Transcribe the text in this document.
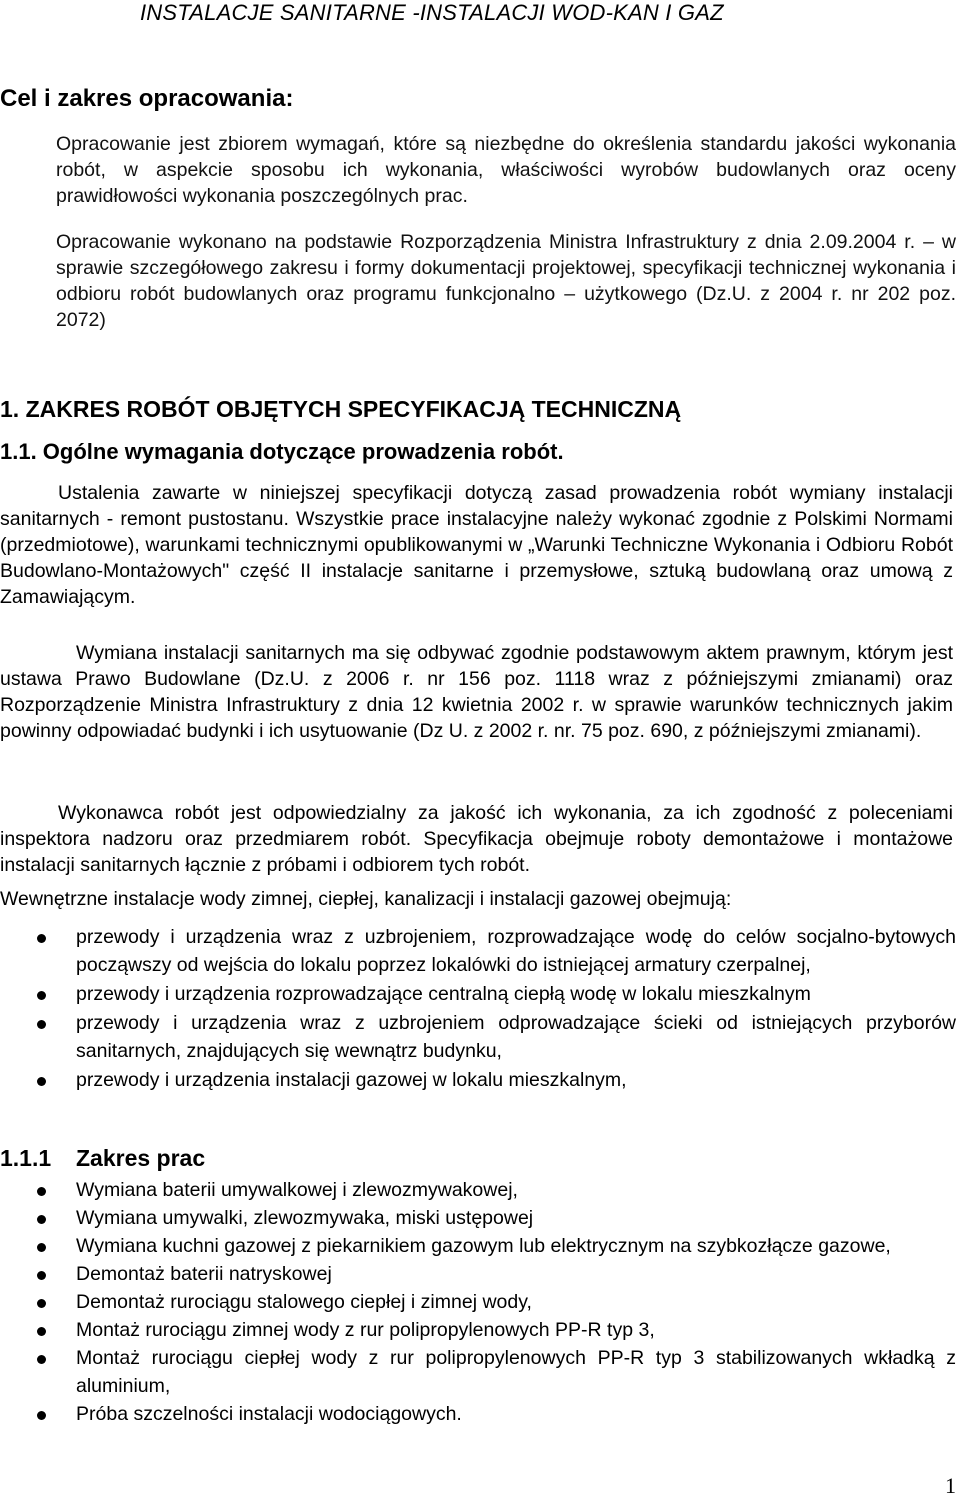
INSTALACJE SANITARNE -INSTALACJI WOD-KAN I GAZ
Cel i zakres opracowania:

Opracowanie jest zbiorem wymagań, które są niezbędne do określenia standardu jakości wykonania robót, w aspekcie sposobu ich wykonania, właściwości wyrobów budowlanych oraz oceny prawidłowości wykonania poszczególnych prac.

Opracowanie wykonano na podstawie Rozporządzenia Ministra Infrastruktury z dnia 2.09.2004 r. – w sprawie szczegółowego zakresu i formy dokumentacji projektowej, specyfikacji technicznej wykonania i odbioru robót budowlanych oraz programu funkcjonalno – użytkowego (Dz.U. z 2004 r. nr 202 poz. 2072)

1. ZAKRES ROBÓT OBJĘTYCH SPECYFIKACJĄ TECHNICZNĄ
1.1. Ogólne wymagania dotyczące prowadzenia robót.

Ustalenia zawarte w niniejszej specyfikacji dotyczą zasad prowadzenia robót wymiany instalacji sanitarnych - remont pustostanu. Wszystkie prace instalacyjne należy wykonać zgodnie z Polskimi Normami (przedmiotowe), warunkami technicznymi opublikowanymi w „Warunki Techniczne Wykonania i Odbioru Robót Budowlano-Montażowych" część II instalacje sanitarne i przemysłowe, sztuką budowlaną oraz umową z Zamawiającym.

Wymiana instalacji sanitarnych ma się odbywać zgodnie podstawowym aktem prawnym, którym jest ustawa Prawo Budowlane (Dz.U. z 2006 r. nr 156 poz. 1118 wraz z późniejszymi zmianami) oraz Rozporządzenie Ministra Infrastruktury z dnia 12 kwietnia 2002 r. w sprawie warunków technicznych jakim powinny odpowiadać budynki i ich usytuowanie (Dz U. z 2002 r. nr. 75 poz. 690, z późniejszymi zmianami).

Wykonawca robót jest odpowiedzialny za jakość ich wykonania, za ich zgodność z poleceniami inspektora nadzoru oraz przedmiarem robót. Specyfikacja obejmuje roboty demontażowe i montażowe instalacji sanitarnych łącznie z próbami i odbiorem tych robót.

Wewnętrzne instalacje wody zimnej, ciepłej, kanalizacji i instalacji gazowej obejmują:

przewody i urządzenia wraz z uzbrojeniem, rozprowadzające wodę do celów socjalno-bytowych począwszy od wejścia do lokalu poprzez lokalówki do istniejącej armatury czerpalnej,
przewody i urządzenia rozprowadzające centralną ciepłą wodę w lokalu mieszkalnym
przewody i urządzenia wraz z uzbrojeniem odprowadzające ścieki od istniejących przyborów sanitarnych, znajdujących się wewnątrz budynku,
przewody i urządzenia instalacji gazowej w lokalu mieszkalnym,
1.1.1 Zakres prac
Wymiana baterii umywalkowej i zlewozmywakowej,
Wymiana umywalki, zlewozmywaka, miski ustępowej
Wymiana kuchni gazowej z piekarnikiem gazowym lub elektrycznym na szybkozłącze gazowe,
Demontaż baterii natryskowej
Demontaż rurociągu stalowego ciepłej i zimnej wody,
Montaż rurociągu zimnej wody z rur polipropylenowych PP-R typ 3,
Montaż rurociągu ciepłej wody z rur polipropylenowych PP-R typ 3 stabilizowanych wkładką z aluminium,
Próba szczelności instalacji wodociągowych.
1
